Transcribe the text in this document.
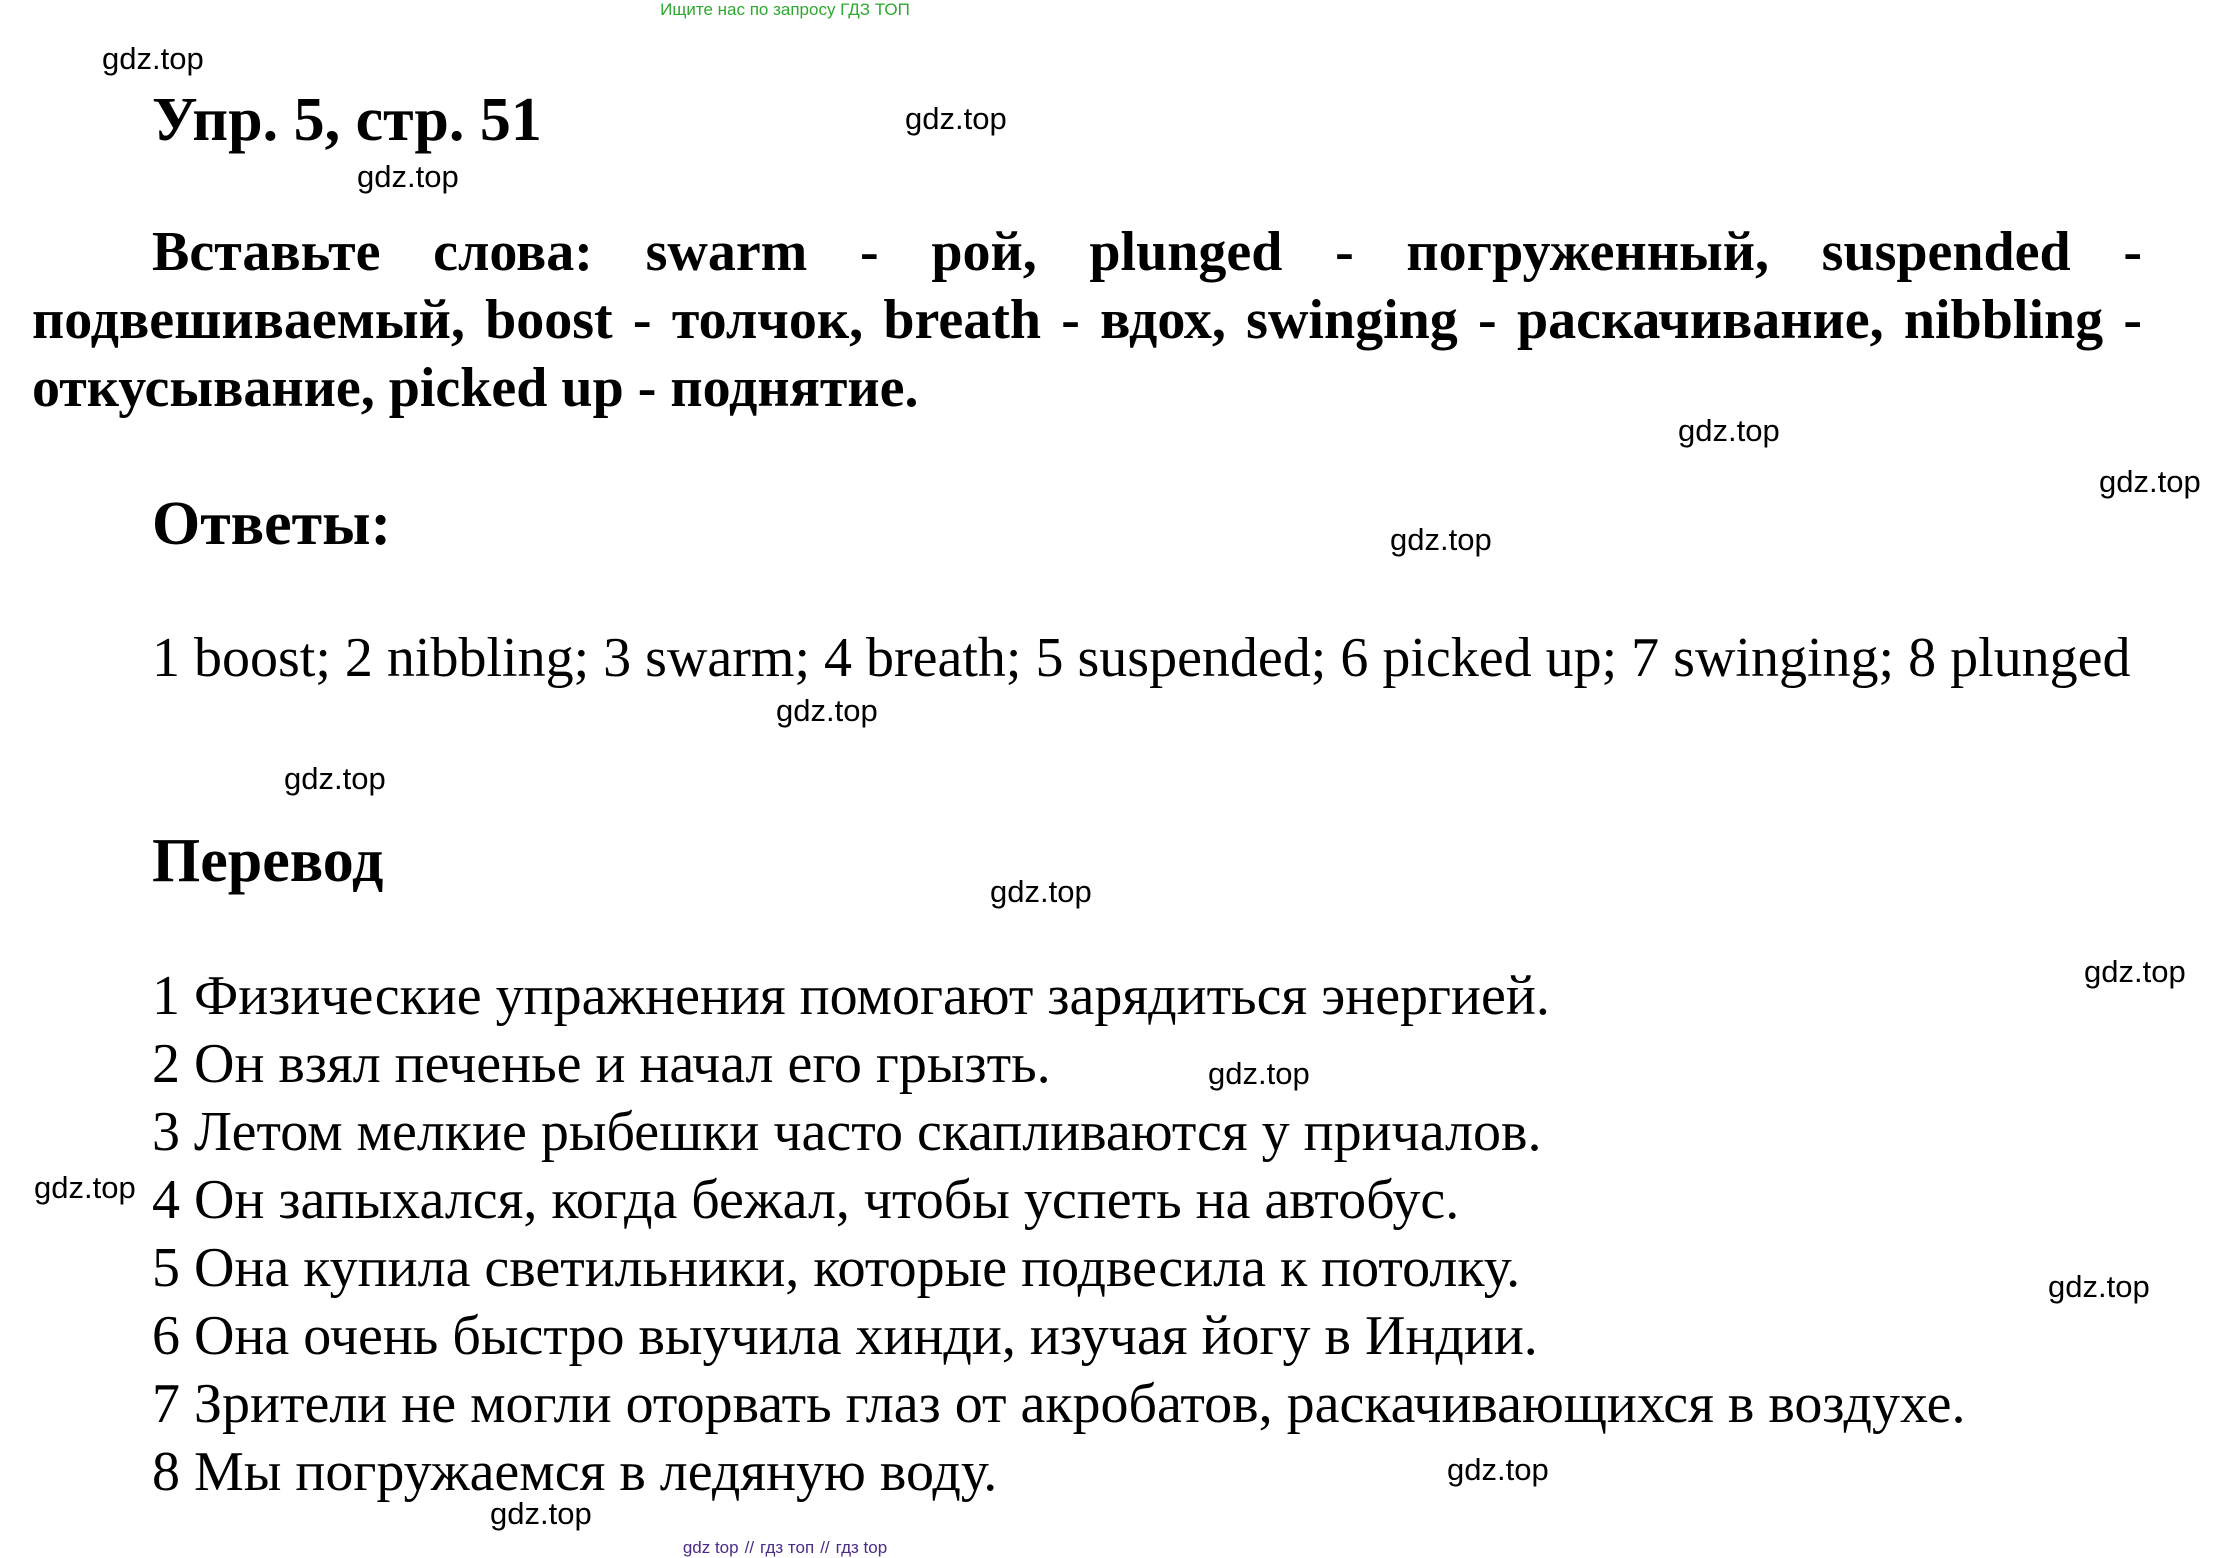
Ищите нас по запросу ГДЗ ТОП
gdz.top
gdz.top
gdz.top
gdz.top
gdz.top
gdz.top
gdz.top
gdz.top
gdz.top
gdz.top
gdz.top
gdz.top
gdz.top
gdz.top
gdz.top
Упр. 5, стр. 51
Вставьте слова: swarm - рой, plunged - погруженный, suspended - подвешиваемый, boost - толчок, breath - вдох, swinging - раскачивание, nibbling - откусывание, picked up - поднятие.
Ответы:
1 boost; 2 nibbling; 3 swarm; 4 breath; 5 suspended; 6 picked up; 7 swinging; 8 plunged
Перевод
1 Физические упражнения помогают зарядиться энергией.
2 Он взял печенье и начал его грызть.
3 Летом мелкие рыбешки часто скапливаются у причалов.
4 Он запыхался, когда бежал, чтобы успеть на автобус.
5 Она купила светильники, которые подвесила к потолку.
6 Она очень быстро выучила хинди, изучая йогу в Индии.
7 Зрители не могли оторвать глаз от акробатов, раскачивающихся в воздухе.
8 Мы погружаемся в ледяную воду.
gdz top // гдз топ // гдз top
